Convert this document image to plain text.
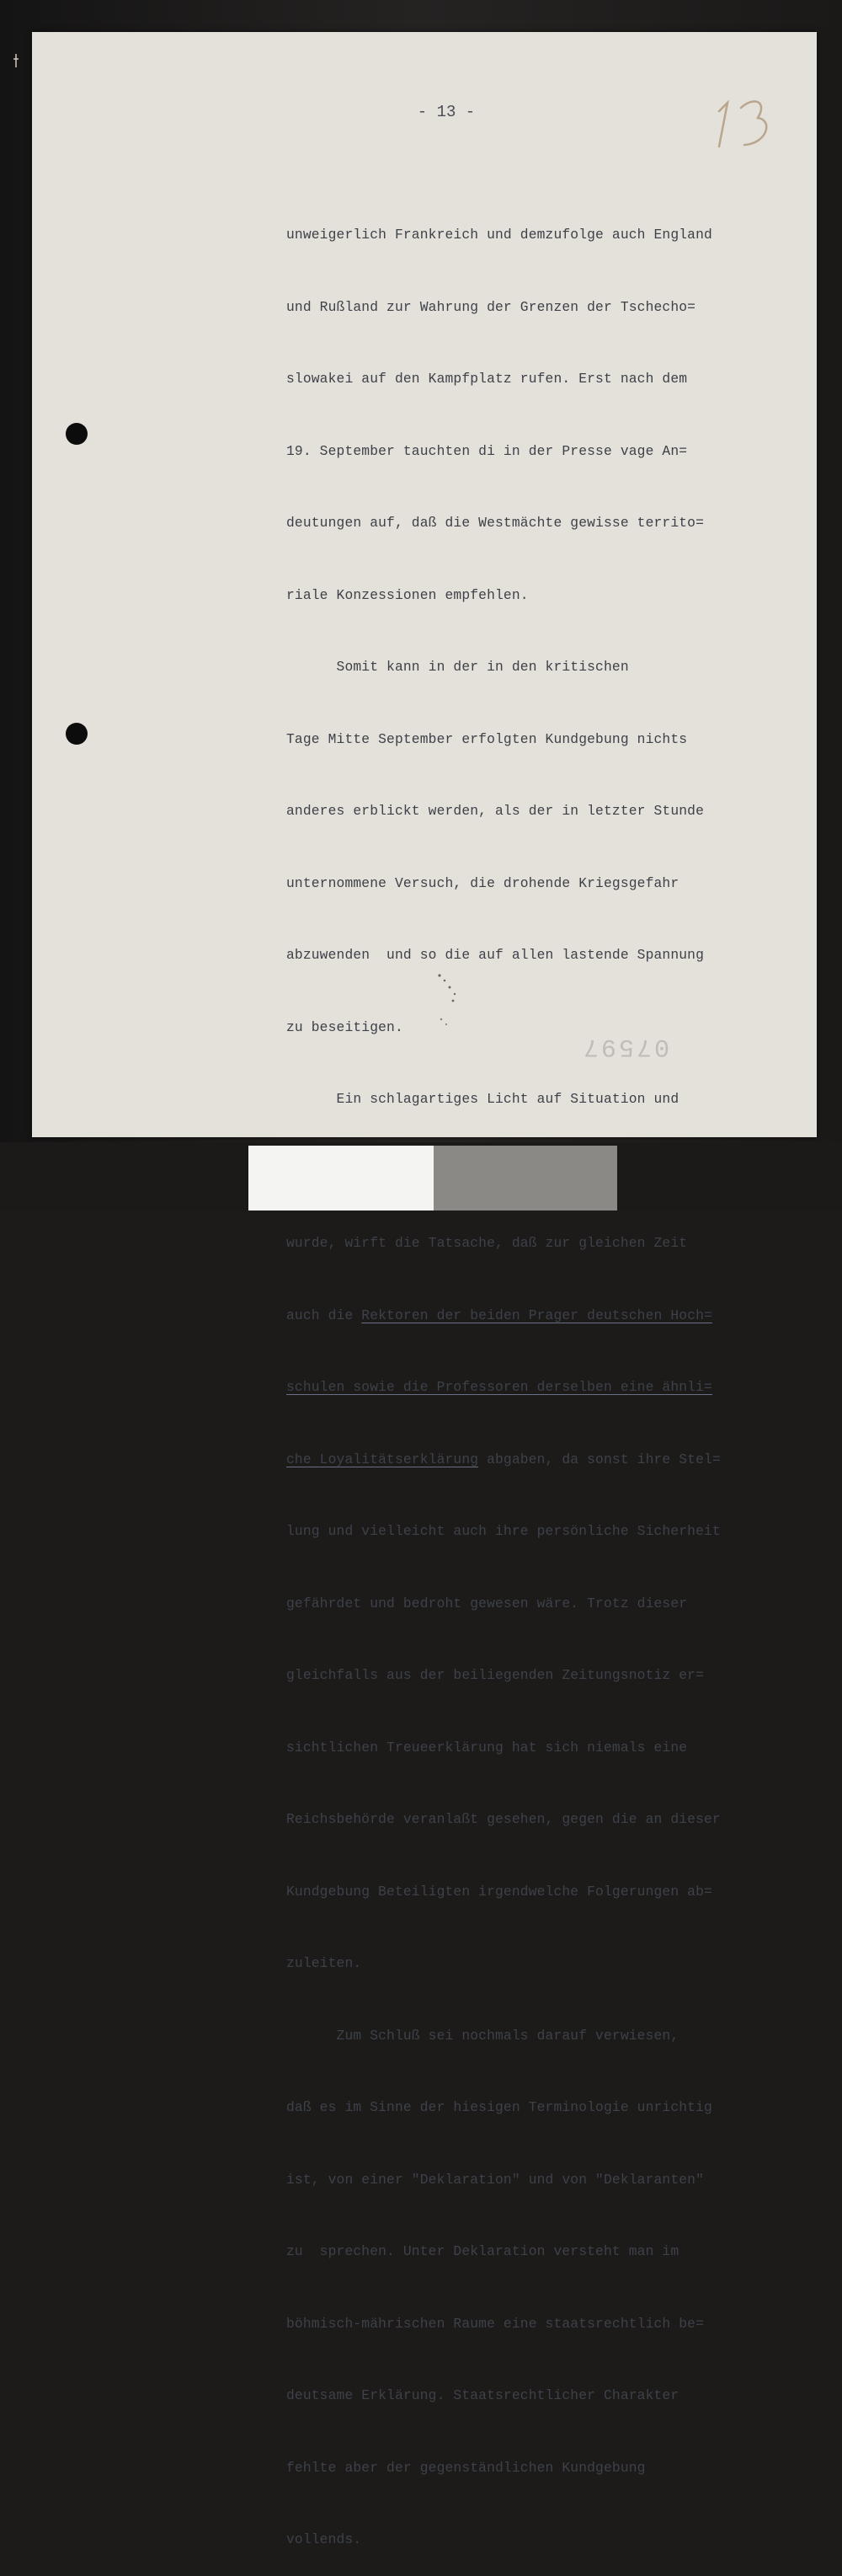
- 13 -

unweigerlich Frankreich und demzufolge auch England

und Rußland zur Wahrung der Grenzen der Tschecho=

slowakei auf den Kampfplatz rufen. Erst nach dem

19. September tauchten di in der Presse vage An=

deutungen auf, daß die Westmächte gewisse territo=

riale Konzessionen empfehlen.

Somit kann in der in den kritischen

Tage Mitte September erfolgten Kundgebung nichts

anderes erblickt werden, als der in letzter Stunde

unternommene Versuch, die drohende Kriegsgefahr

abzuwenden  und so die auf allen lastende Spannung

zu beseitigen.

Ein schlagartiges Licht auf Situation und

wurde, wirft die Tatsache, daß zur gleichen Zeit

auch die Rektoren der beiden Prager deutschen Hoch=

schulen sowie die Professoren derselben eine ähnli=

che Loyalitätserklärung abgaben, da sonst ihre Stel=

lung und vielleicht auch ihre persönliche Sicherheit

gefährdet und bedroht gewesen wäre. Trotz dieser

gleichfalls aus der beiliegenden Zeitungsnotiz er=

sichtlichen Treueerklärung hat sich niemals eine

Reichsbehörde veranlaßt gesehen, gegen die an dieser

Kundgebung Beteiligten irgendwelche Folgerungen ab=

zuleiten.

Zum Schluß sei nochmals darauf verwiesen,

daß es im Sinne der hiesigen Terminologie unrichtig

ist, von einer "Deklaration" und von "Deklaranten"

zu  sprechen. Unter Deklaration versteht man im

böhmisch-mährischen Raume eine staatsrechtlich be=

deutsame Erklärung. Staatsrechtlicher Charakter

fehlte aber der gegenständlichen Kundgebung

vollends.

07597
